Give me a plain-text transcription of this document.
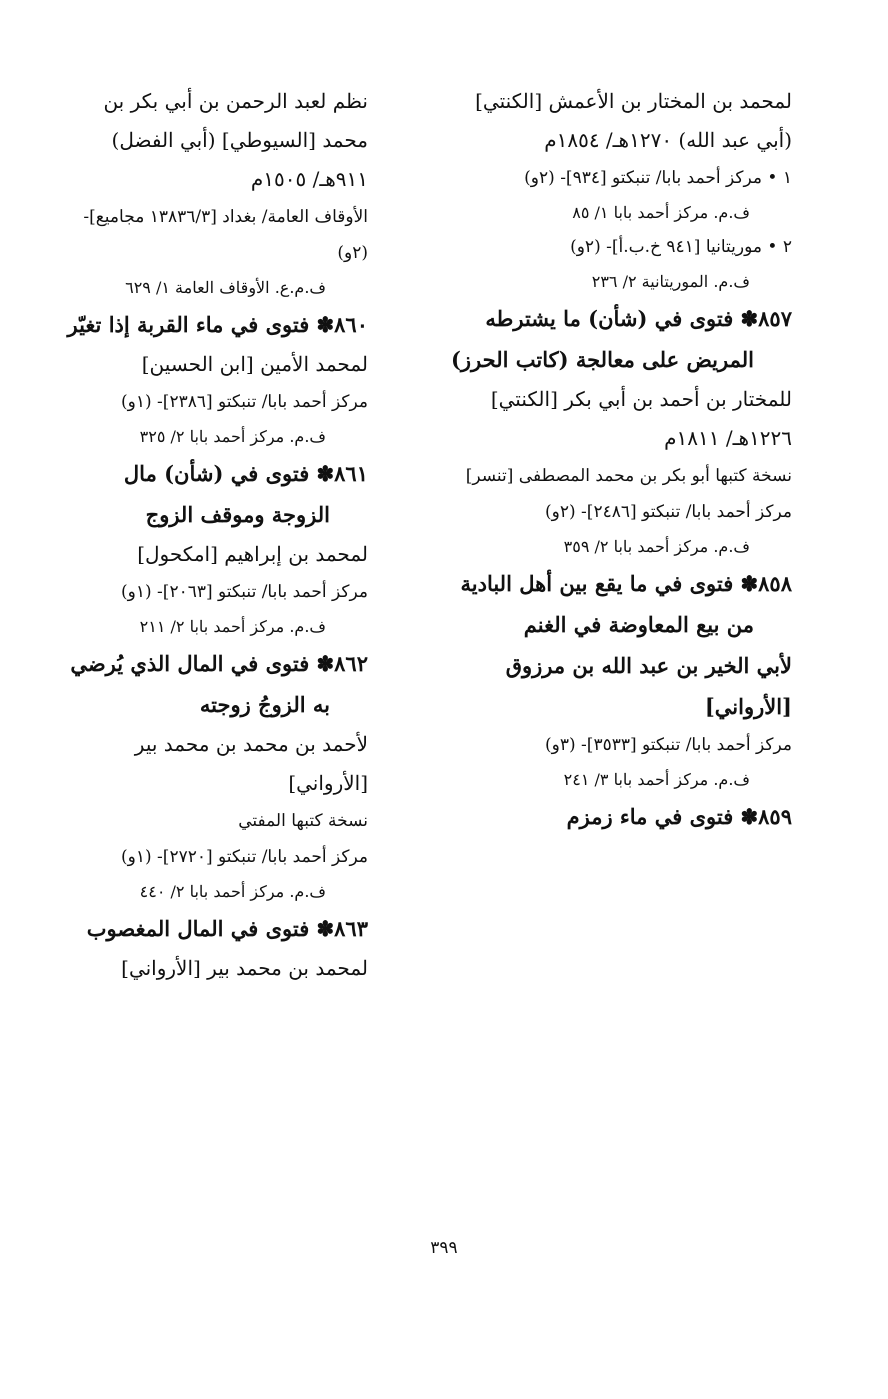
لمحمد بن المختار بن الأعمش [الكنتي] (أبي عبد الله) ١٢٧٠هـ/ ١٨٥٤م
١ • مركز أحمد بابا/ تنبكتو [٩٣٤]- (٢و)
ف.م. مركز أحمد بابا ١/ ٨٥
٢ • موريتانيا [٩٤١ خ.ب.أ]- (٢و)
ف.م. الموريتانية ٢/ ٢٣٦
٨٥٧✽ فتوى في (شأن) ما يشترطه المريض على معالجة (كاتب الحرز)
للمختار بن أحمد بن أبي بكر [الكنتي] ١٢٢٦هـ/ ١٨١١م
نسخة كتبها أبو بكر بن محمد المصطفى [تنسر]
مركز أحمد بابا/ تنبكتو [٢٤٨٦]- (٢و)
ف.م. مركز أحمد بابا ٢/ ٣٥٩
٨٥٨✽ فتوى في ما يقع بين أهل البادية من بيع المعاوضة في الغنم
لأبي الخير بن عبد الله بن مرزوق [الأرواني]
مركز أحمد بابا/ تنبكتو [٣٥٣٣]- (٣و)
ف.م. مركز أحمد بابا ٣/ ٢٤١
٨٥٩✽ فتوى في ماء زمزم
نظم لعبد الرحمن بن أبي بكر بن محمد [السيوطي] (أبي الفضل) ٩١١هـ/ ١٥٠٥م
الأوقاف العامة/ بغداد [١٣٨٣٦/٣ مجاميع]- (٢و)
ف.م.ع. الأوقاف العامة ١/ ٦٢٩
٨٦٠✽ فتوى في ماء القربة إذا تغيّر
لمحمد الأمين [ابن الحسين]
مركز أحمد بابا/ تنبكتو [٢٣٨٦]- (١و)
ف.م. مركز أحمد بابا ٢/ ٣٢٥
٨٦١✽ فتوى في (شأن) مال الزوجة وموقف الزوج
لمحمد بن إبراهيم [امكحول]
مركز أحمد بابا/ تنبكتو [٢٠٦٣]- (١و)
ف.م. مركز أحمد بابا ٢/ ٢١١
٨٦٢✽ فتوى في المال الذي يُرضي به الزوجُ زوجته
لأحمد بن محمد بن محمد بير [الأرواني]
نسخة كتبها المفتي
مركز أحمد بابا/ تنبكتو [٢٧٢٠]- (١و)
ف.م. مركز أحمد بابا ٢/ ٤٤٠
٨٦٣✽ فتوى في المال المغصوب
لمحمد بن محمد بير [الأرواني]
٣٩٩
